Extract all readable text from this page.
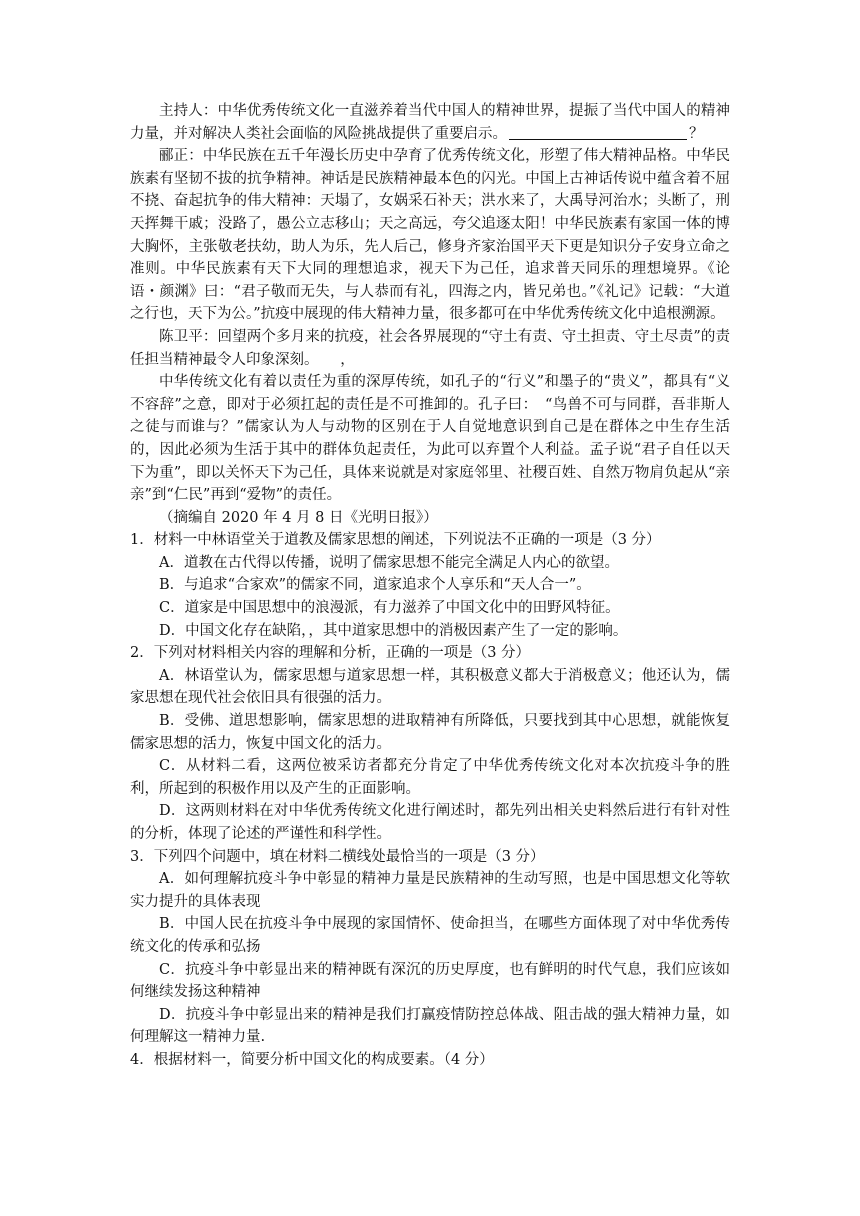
主持人：中华优秀传统文化一直滋养着当代中国人的精神世界，提振了当代中国人的精神力量，并对解决人类社会面临的风险挑战提供了重要启示。	？

郦正：中华民族在五千年漫长历史中孕育了优秀传统文化，形塑了伟大精神品格。中华民族素有坚韧不拔的抗争精神。神话是民族精神最本色的闪光。中国上古神话传说中蕴含着不屈不挠、奋起抗争的伟大精神：天塌了，女娲采石补天；洪水来了，大禹导河治水；头断了，刑天挥舞干戚；没路了，愚公立志移山；天之高远，夸父追逐太阳！中华民族素有家国一体的博大胸怀，主张敬老扶幼，助人为乐，先人后己，修身齐家治国平天下更是知识分子安身立命之准则。中华民族素有天下大同的理想追求，视天下为己任，追求普天同乐的理想境界。《论语・颜渊》曰：“君子敬而无失，与人恭而有礼，四海之内，皆兄弟也。”《礼记》记载：“大道之行也，天下为公。”抗疫中展现的伟大精神力量，很多都可在中华优秀传统文化中追根溯源。

陈卫平：回望两个多月来的抗疫，社会各界展现的“守土有责、守土担责、守土尽责”的责任担当精神最令人印象深刻。　　，

中华传统文化有着以责任为重的深厚传统，如孔子的“行义”和墨子的“贵义”，都具有“义不容辞”之意，即对于必须扛起的责任是不可推卸的。孔子曰：　“鸟兽不可与同群，吾非斯人之徒与而谁与？”儒家认为人与动物的区别在于人自觉地意识到自己是在群体之中生存生活的，因此必须为生活于其中的群体负起责任，为此可以弃置个人利益。孟子说“君子自任以天下为重”，即以关怀天下为己任，具体来说就是对家庭邻里、社稷百姓、自然万物肩负起从“亲亲”到“仁民”再到“爱物”的责任。

（摘编自 2020 年 4 月 8 日《光明日报》）

1．材料一中林语堂关于道教及儒家思想的阐述，下列说法不正确的一项是（3 分）

A．道教在古代得以传播，说明了儒家思想不能完全满足人内心的欲望。

B．与追求“合家欢”的儒家不同，道家追求个人享乐和“天人合一”。

C．道家是中国思想中的浪漫派，有力滋养了中国文化中的田野风特征。

D．中国文化存在缺陷，，其中道家思想中的消极因素产生了一定的影响。

2．下列对材料相关内容的理解和分析，正确的一项是（3 分）

A．林语堂认为，儒家思想与道家思想一样，其积极意义都大于消极意义；他还认为，儒家思想在现代社会依旧具有很强的活力。

B．受佛、道思想影响，儒家思想的进取精神有所降低，只要找到其中心思想，就能恢复儒家思想的活力，恢复中国文化的活力。

C．从材料二看，这两位被采访者都充分肯定了中华优秀传统文化对本次抗疫斗争的胜利，所起到的积极作用以及产生的正面影响。

D．这两则材料在对中华优秀传统文化进行阐述时，都先列出相关史料然后进行有针对性的分析，体现了论述的严谨性和科学性。

3．下列四个问题中，填在材料二横线处最恰当的一项是（3 分）

A．如何理解抗疫斗争中彰显的精神力量是民族精神的生动写照，也是中国思想文化等软实力提升的具体表现

B．中国人民在抗疫斗争中展现的家国情怀、使命担当，在哪些方面体现了对中华优秀传统文化的传承和弘扬

C．抗疫斗争中彰显出来的精神既有深沉的历史厚度，也有鲜明的时代气息，我们应该如何继续发扬这种精神

D．抗疫斗争中彰显出来的精神是我们打赢疫情防控总体战、阻击战的强大精神力量，如何理解这一精神力量.

4．根据材料一，简要分析中国文化的构成要素。（4 分）
